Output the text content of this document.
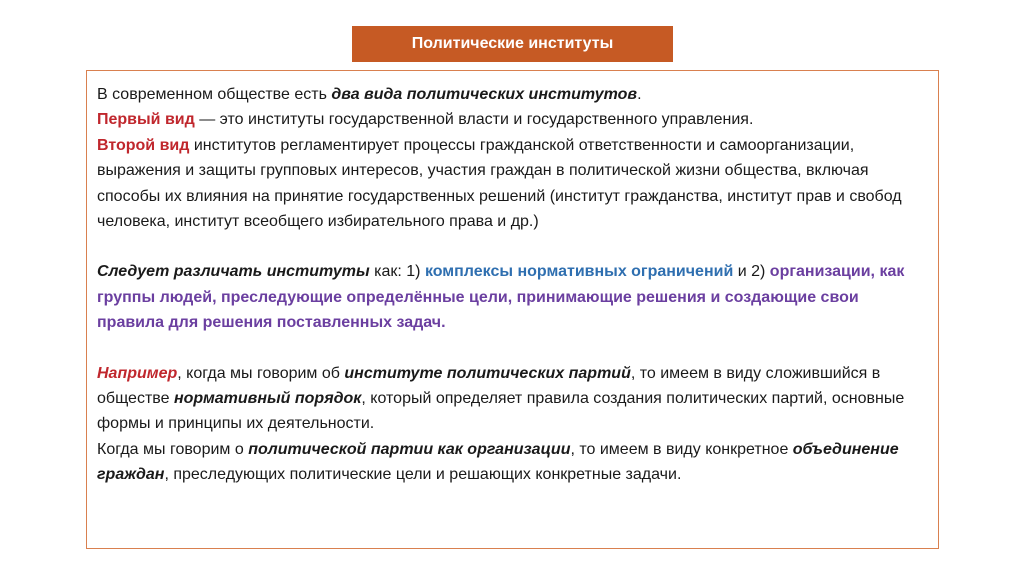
Политические институты

В современном обществе есть два вида политических институтов.

Первый вид — это институты государственной власти и государственного управления.

Второй вид институтов регламентирует процессы гражданской ответственности и самоорганизации, выражения и защиты групповых интересов, участия граждан в политической жизни общества, включая способы их влияния на принятие государственных решений (институт гражданства, институт прав и свобод человека, институт всеобщего избирательного права и др.)

Следует различать институты как: 1) комплексы нормативных ограничений и 2) организации, как группы людей, преследующие определённые цели, принимающие решения и создающие свои правила для решения поставленных задач.

Например, когда мы говорим об институте политических партий, то имеем в виду сложившийся в обществе нормативный порядок, который определяет правила создания политических партий, основные формы и принципы их деятельности.

Когда мы говорим о политической партии как организации, то имеем в виду конкретное объединение граждан, преследующих политические цели и решающих конкретные задачи.
